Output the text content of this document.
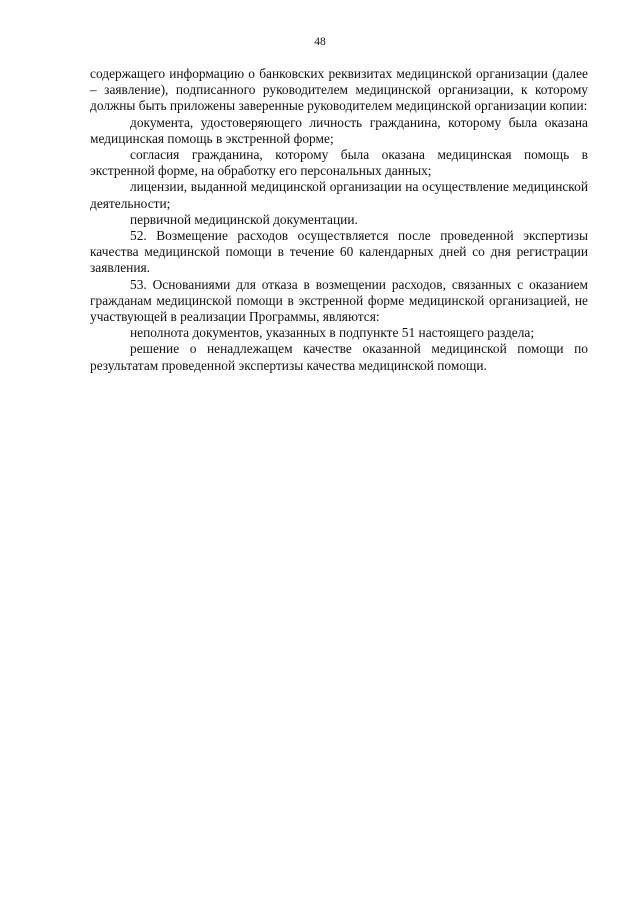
48

содержащего информацию о банковских реквизитах медицинской организации (далее – заявление), подписанного руководителем медицинской организации, к которому должны быть приложены заверенные руководителем медицинской организации копии:

документа, удостоверяющего личность гражданина, которому была оказана медицинская помощь в экстренной форме;

согласия гражданина, которому была оказана медицинская помощь в экстренной форме, на обработку его персональных данных;

лицензии, выданной медицинской организации на осуществление медицинской деятельности;

первичной медицинской документации.

52. Возмещение расходов осуществляется после проведенной экспертизы качества медицинской помощи в течение 60 календарных дней со дня регистрации заявления.

53. Основаниями для отказа в возмещении расходов, связанных с оказанием гражданам медицинской помощи в экстренной форме медицинской организацией, не участвующей в реализации Программы, являются:

неполнота документов, указанных в подпункте 51 настоящего раздела;

решение о ненадлежащем качестве оказанной медицинской помощи по результатам проведенной экспертизы качества медицинской помощи.
